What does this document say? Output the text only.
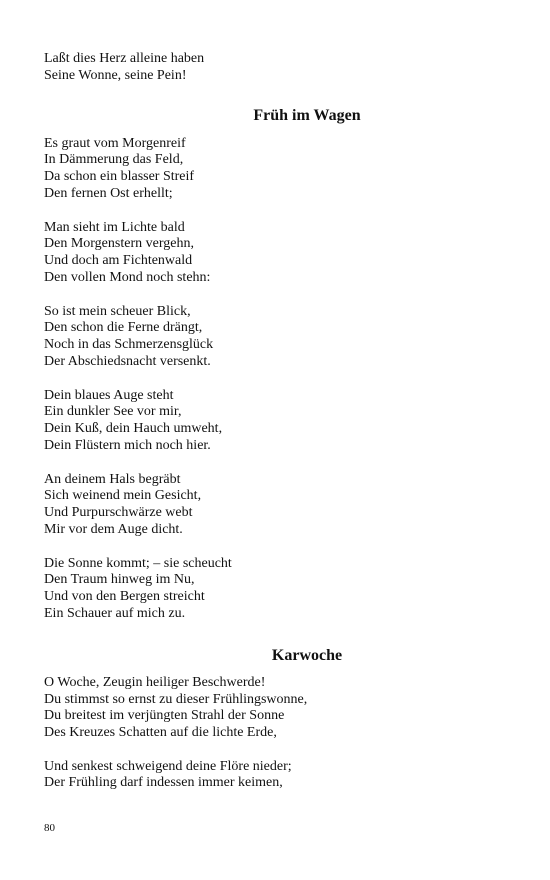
Laßt dies Herz alleine haben
Seine Wonne, seine Pein!
Früh im Wagen
Es graut vom Morgenreif
In Dämmerung das Feld,
Da schon ein blasser Streif
Den fernen Ost erhellt;
Man sieht im Lichte bald
Den Morgenstern vergehn,
Und doch am Fichtenwald
Den vollen Mond noch stehn:
So ist mein scheuer Blick,
Den schon die Ferne drängt,
Noch in das Schmerzensglück
Der Abschiedsnacht versenkt.
Dein blaues Auge steht
Ein dunkler See vor mir,
Dein Kuß, dein Hauch umweht,
Dein Flüstern mich noch hier.
An deinem Hals begräbt
Sich weinend mein Gesicht,
Und Purpurschwärze webt
Mir vor dem Auge dicht.
Die Sonne kommt; – sie scheucht
Den Traum hinweg im Nu,
Und von den Bergen streicht
Ein Schauer auf mich zu.
Karwoche
O Woche, Zeugin heiliger Beschwerde!
Du stimmst so ernst zu dieser Frühlingswonne,
Du breitest im verjüngten Strahl der Sonne
Des Kreuzes Schatten auf die lichte Erde,
Und senkest schweigend deine Flöre nieder;
Der Frühling darf indessen immer keimen,
80
